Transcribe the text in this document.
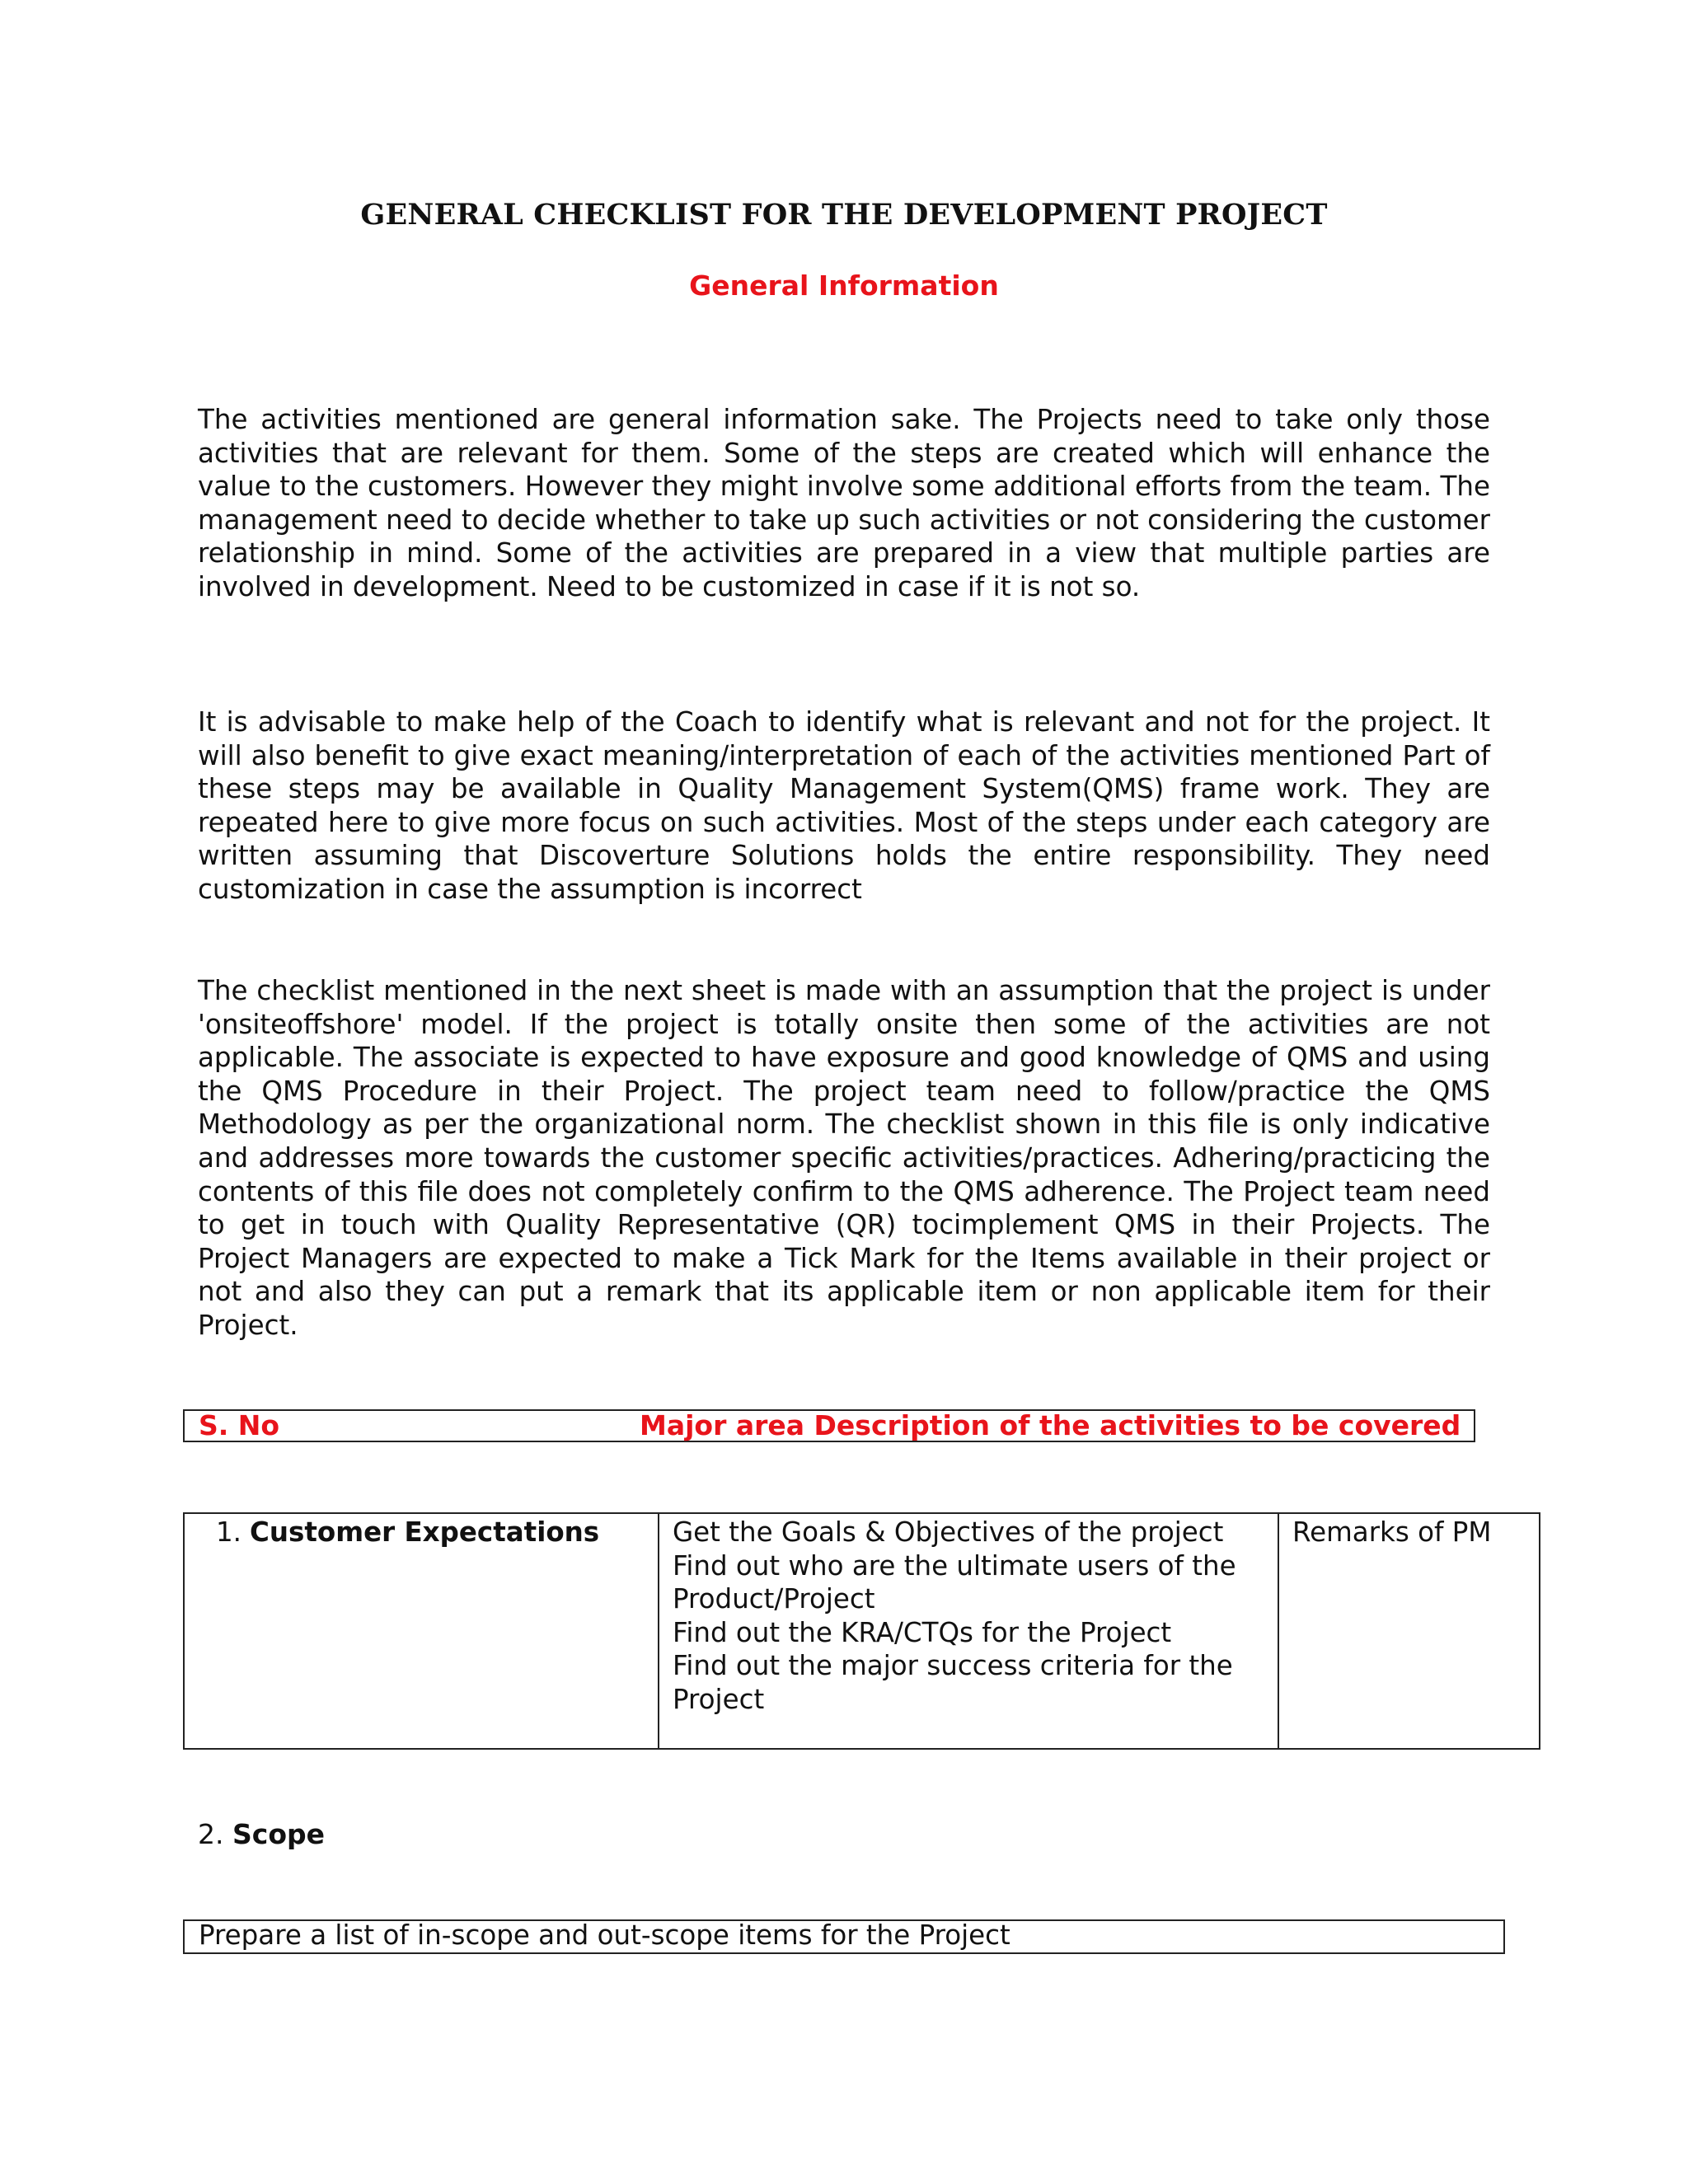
GENERAL CHECKLIST FOR THE DEVELOPMENT PROJECT
General Information

The activities mentioned are general information sake. The Projects need to take only those activities that are relevant for them. Some of the steps are created which will enhance the value to the customers. However they might involve some additional efforts from the team. The management need to decide whether to take up such activities or not considering the customer relationship in mind. Some of the activities are prepared in a view that multiple parties are involved in development. Need to be customized in case if it is not so.

It is advisable to make help of the Coach to identify what is relevant and not for the project. It will also benefit to give exact meaning/interpretation of each of the activities mentioned Part of these steps may be available in Quality Management System(QMS) frame work. They are repeated here to give more focus on such activities. Most of the steps under each category are written assuming that Discoverture Solutions holds the entire responsibility. They need customization in case the assumption is incorrect

The checklist mentioned in the next sheet is made with an assumption that the project is under 'onsiteoffshore' model. If the project is totally onsite then some of the activities are not applicable. The associate is expected to have exposure and good knowledge of QMS and using the QMS Procedure in their Project. The project team need to follow/practice the QMS Methodology as per the organizational norm. The checklist shown in this file is only indicative and addresses more towards the customer specific activities/practices. Adhering/practicing the contents of this file does not completely confirm to the QMS adherence. The Project team need to get in touch with Quality Representative (QR) tocimplement QMS in their Projects. The Project Managers are expected to make a Tick Mark for the Items available in their project or not and also they can put a remark that its applicable item or non applicable item for their Project.

S. No	Major area Description of the activities to be covered
1. Customer Expectations	Get the Goals & Objectives of the project
Find out who are the ultimate users of the Product/Project
Find out the KRA/CTQs for the Project
Find out the major success criteria for the Project
Remarks of PM

2. Scope

Prepare a list of in-scope and out-scope items for the Project
